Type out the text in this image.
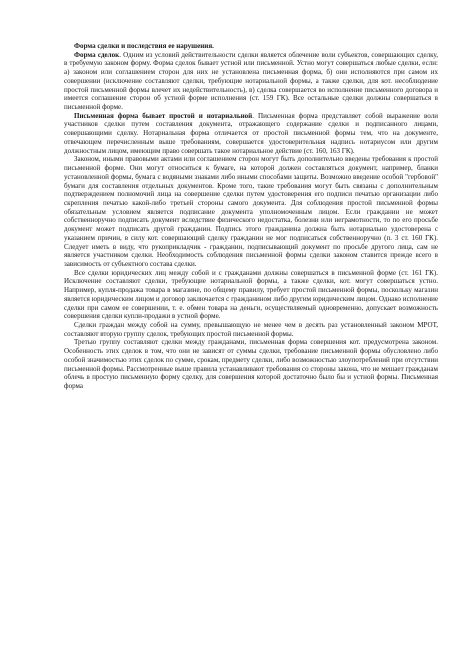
Форма сделки и последствия ее нарушения.

Форма сделок. Одним из условий действительности сделки является облечение воли субъектов, совершающих сделку, в требуемую законом форму. Форма сделок бывает устной или письменной. Устно могут совершаться любые сделки, если: а) законом или соглашением сторон для них не установлена письменная форма, б) они исполняются при самом их совершении (исключение составляют сделки, требующие нотариальной формы, а также сделки, для кот. несоблюдение простой письменной формы влечет их недействительность), в) сделка совершается во исполнение письменного договора и имеется соглашение сторон об устной форме исполнения (ст. 159 ГК). Все остальные сделки должны совершаться в письменной форме.

Письменная форма бывает простой и нотариальной. Письменная форма представляет собой выражение воли участников сделки путем составления документа, отражающего содержание сделки и подписанного лицами, совершающими сделку. Нотариальная форма отличается от простой письменной формы тем, что на документе, отвечающем перечисленным выше требованиям, совершается удостоверительная надпись нотариусом или другим должностным лицом, имеющим право совершать такое нотариальное действие (ст. 160, 163 ГК).

Законом, иными правовыми актами или соглашением сторон могут быть дополнительно введены требования к простой письменной форме. Они могут относиться к бумаге, на которой должен составляться документ, например, бланки установленной формы, бумага с водяными знаками либо иными способами защиты. Возможно введение особой "гербовой" бумаги для составления отдельных документов. Кроме того, такие требования могут быть связаны с дополнительным подтверждением полномочий лица на совершение сделки путем удостоверения его подписи печатью организации либо скрепления печатью какой-либо третьей стороны самого документа. Для соблюдения простой письменной формы обязательным условием является подписание документа уполномоченным лицом. Если гражданин не может собственноручно подписать документ вследствие физического недостатка, болезни или неграмотности, то по его просьбе документ может подписать другой гражданин. Подпись этого гражданина должна быть нотариально удостоверена с указанием причин, в силу кот. совершающий сделку гражданин не мог подписаться собственноручно (п. 3 ст. 160 ГК). Следует иметь в виду, что рукоприкладчик - гражданин, подписывающий документ по просьбе другого лица, сам не является участником сделки. Необходимость соблюдения письменной формы сделки законом ставится прежде всего в зависимость от субъектного состава сделки.

Все сделки юридических лиц между собой и с гражданами должны совершаться в письменной форме (ст. 161 ГК). Исключение составляют сделки, требующие нотариальной формы, а также сделки, кот. могут совершаться устно. Например, купля-продажа товара в магазине, по общему правилу, требует простой письменной формы, поскольку магазин является юридическим лицом и договор заключается с гражданином либо другим юридическим лицом. Однако исполнение сделки при самом ее совершении, т. е. обмен товара на деньги, осуществляемый одновременно, допускает возможность совершения сделки купли-продажи в устной форме.

Сделки граждан между собой на сумму, превышающую не менее чем в десять раз установленный законом МРОТ, составляют вторую группу сделок, требующих простой письменной формы.

Третью группу составляют сделки между гражданами, письменная форма совершения кот. предусмотрена законом. Особенность этих сделок в том, что они не зависят от суммы сделки, требование письменной формы обусловлено либо особой значимостью этих сделок по сумме, срокам, предмету сделки, либо возможностью злоупотреблений при отсутствии письменной формы. Рассмотренные выше правила устанавливают требования со стороны закона, что не мешает гражданам облечь в простую письменную форму сделку, для совершения которой достаточно было бы и устной формы. Письменная форма
